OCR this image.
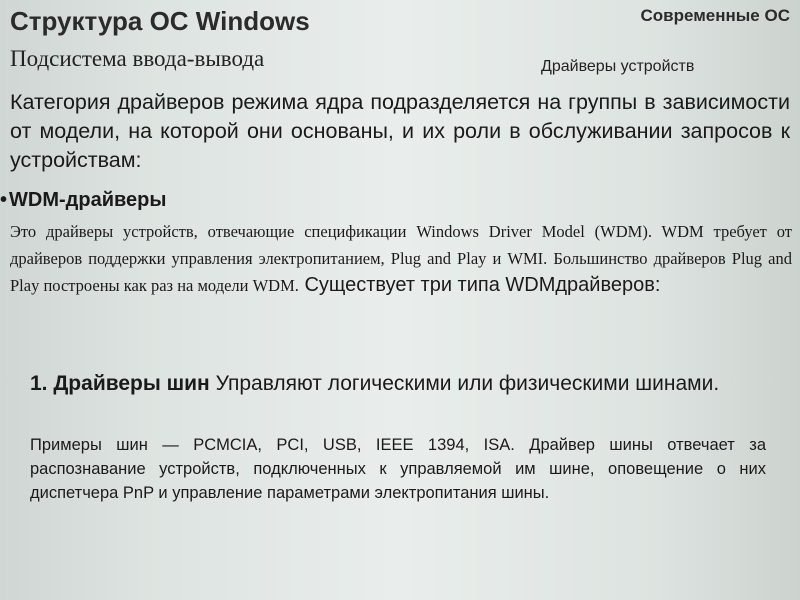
Структура ОС Windows	Современные ОС
Подсистема ввода-вывода	Драйверы устройств
Категория драйверов режима ядра подразделяется на группы в зависимости от модели, на которой они основаны, и их роли в обслуживании запросов к устройствам:
• WDM-драйверы
Это драйверы устройств, отвечающие спецификации Windows Driver Model (WDM). WDM требует от драйверов поддержки управления электропитанием, Plug and Play и WMI. Большинство драйверов Plug and Play построены как раз на модели WDM. Существует три типа WDMдрайверов:
1. Драйверы шин Управляют логическими или физическими шинами.
Примеры шин — PCMCIA, PCI, USB, IEEE 1394, ISA. Драйвер шины отвечает за распознавание устройств, подключенных к управляемой им шине, оповещение о них диспетчера PnP и управление параметрами электропитания шины.
